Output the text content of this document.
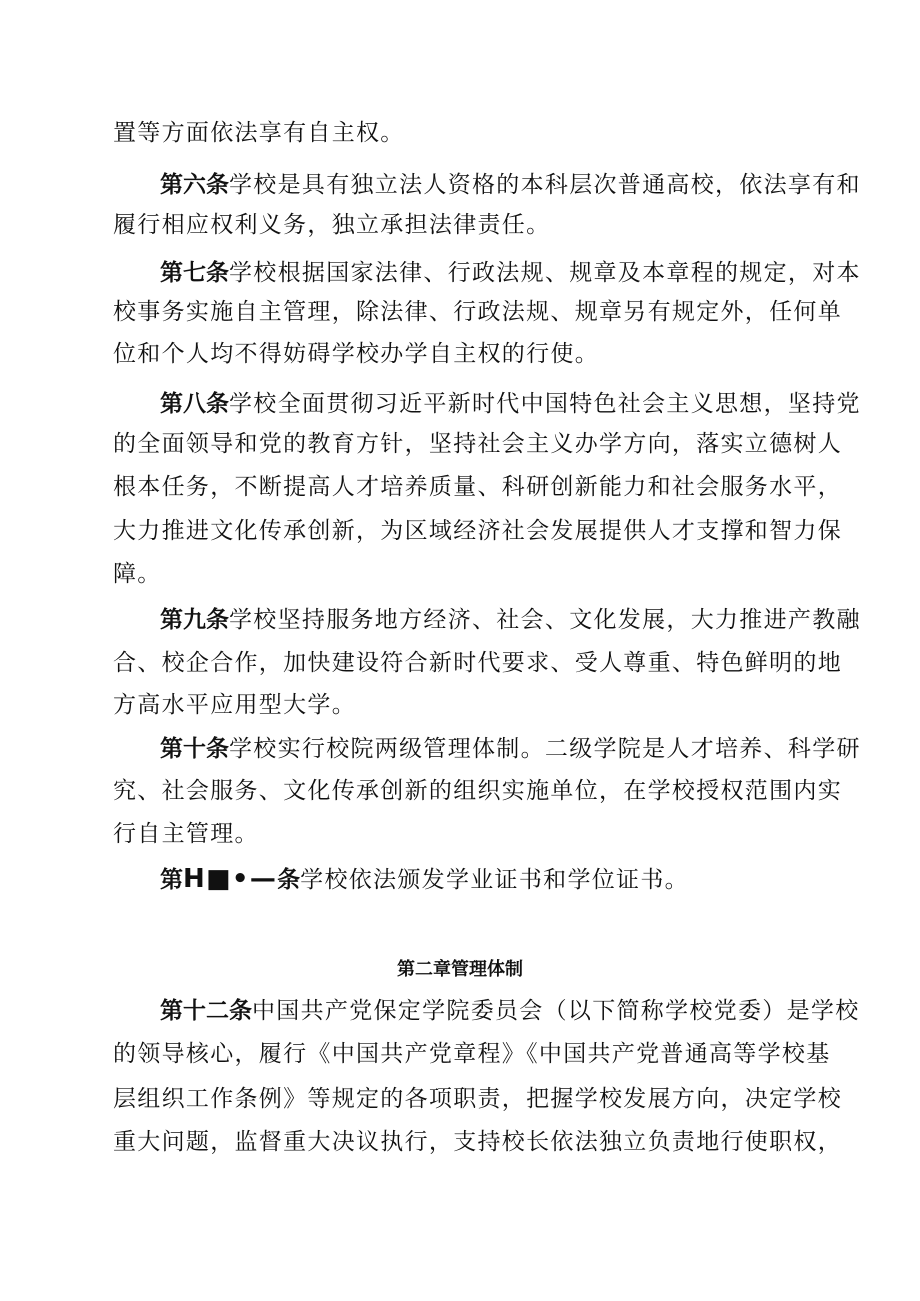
置等方面依法享有自主权。
第六条学校是具有独立法人资格的本科层次普通高校，依法享有和
履行相应权利义务，独立承担法律责任。
第七条学校根据国家法律、行政法规、规章及本章程的规定，对本
校事务实施自主管理，除法律、行政法规、规章另有规定外，任何单
位和个人均不得妨碍学校办学自主权的行使。
第八条学校全面贯彻习近平新时代中国特色社会主义思想，坚持党
的全面领导和党的教育方针，坚持社会主义办学方向，落实立德树人
根本任务，不断提高人才培养质量、科研创新能力和社会服务水平，
大力推进文化传承创新，为区域经济社会发展提供人才支撑和智力保
障。
第九条学校坚持服务地方经济、社会、文化发展，大力推进产教融
合、校企合作，加快建设符合新时代要求、受人尊重、特色鲜明的地
方高水平应用型大学。
第十条学校实行校院两级管理体制。二级学院是人才培养、科学研
究、社会服务、文化传承创新的组织实施单位，在学校授权范围内实
行自主管理。
第H■•—条学校依法颁发学业证书和学位证书。
第二章管理体制
第十二条中国共产党保定学院委员会（以下简称学校党委）是学校
的领导核心，履行《中国共产党章程》《中国共产党普通高等学校基
层组织工作条例》等规定的各项职责，把握学校发展方向，决定学校
重大问题，监督重大决议执行，支持校长依法独立负责地行使职权，
